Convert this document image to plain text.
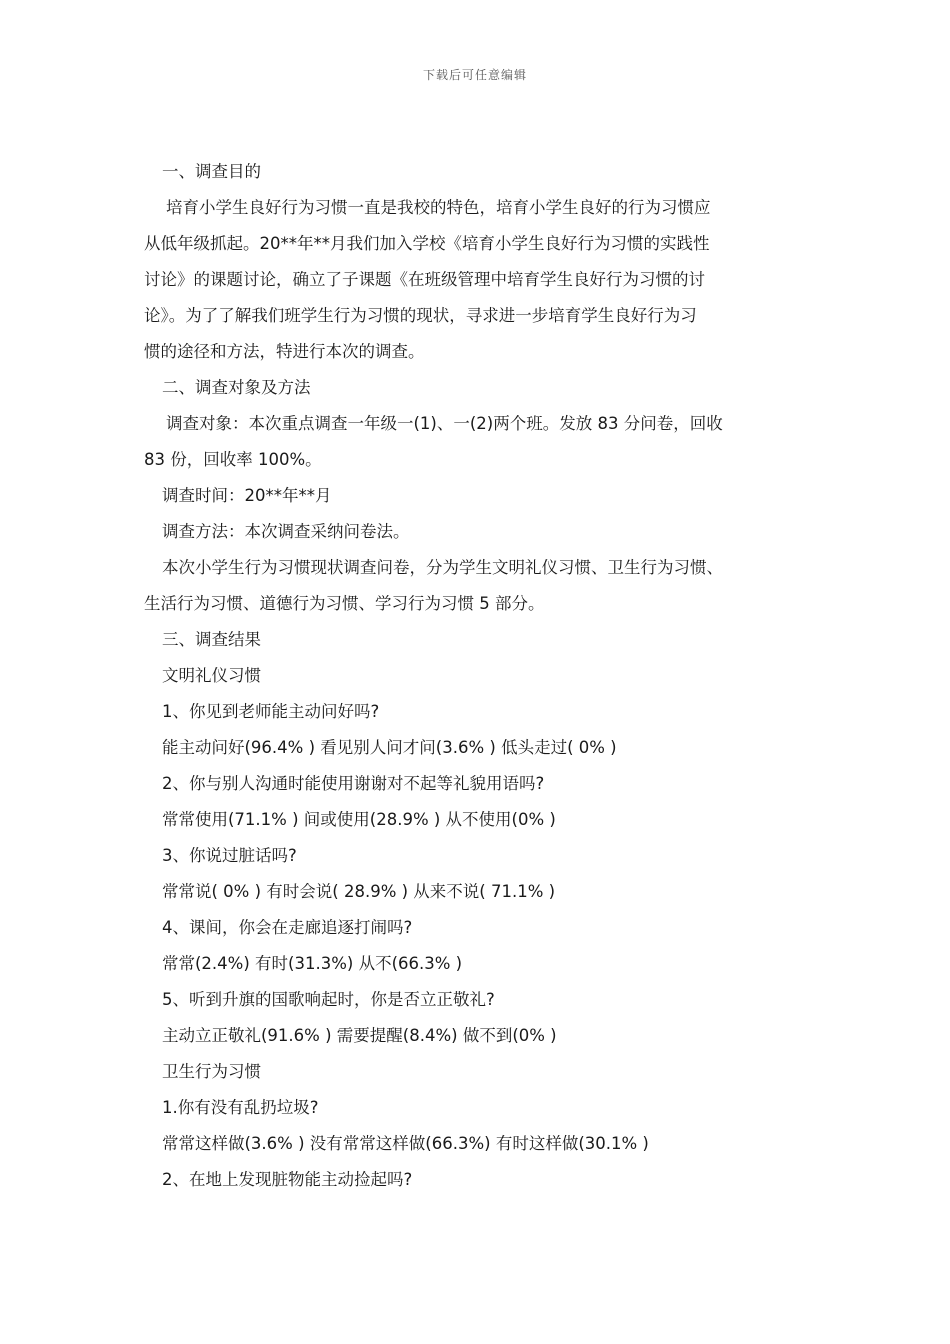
下载后可任意编辑
一、调查目的
培育小学生良好行为习惯一直是我校的特色，培育小学生良好的行为习惯应
从低年级抓起。20**年**月我们加入学校《培育小学生良好行为习惯的实践性
讨论》的课题讨论，确立了子课题《在班级管理中培育学生良好行为习惯的讨
论》。为了了解我们班学生行为习惯的现状，寻求进一步培育学生良好行为习
惯的途径和方法，特进行本次的调查。
二、调查对象及方法
调查对象：本次重点调查一年级一(1)、一(2)两个班。发放 83 分问卷，回收
83 份，回收率 100%。
调查时间：20**年**月
调查方法：本次调查采纳问卷法。
本次小学生行为习惯现状调查问卷，分为学生文明礼仪习惯、卫生行为习惯、
生活行为习惯、道德行为习惯、学习行为习惯 5 部分。
三、调查结果
文明礼仪习惯
1、你见到老师能主动问好吗?
能主动问好(96.4% ) 看见别人问才问(3.6% ) 低头走过( 0% )
2、你与别人沟通时能使用谢谢对不起等礼貌用语吗?
常常使用(71.1% ) 间或使用(28.9% ) 从不使用(0% )
3、你说过脏话吗?
常常说( 0% ) 有时会说( 28.9% ) 从来不说( 71.1% )
4、课间，你会在走廊追逐打闹吗?
常常(2.4%) 有时(31.3%) 从不(66.3% )
5、听到升旗的国歌响起时，你是否立正敬礼?
主动立正敬礼(91.6% ) 需要提醒(8.4%) 做不到(0% )
卫生行为习惯
1.你有没有乱扔垃圾?
常常这样做(3.6% ) 没有常常这样做(66.3%) 有时这样做(30.1% )
2、在地上发现脏物能主动捡起吗?
